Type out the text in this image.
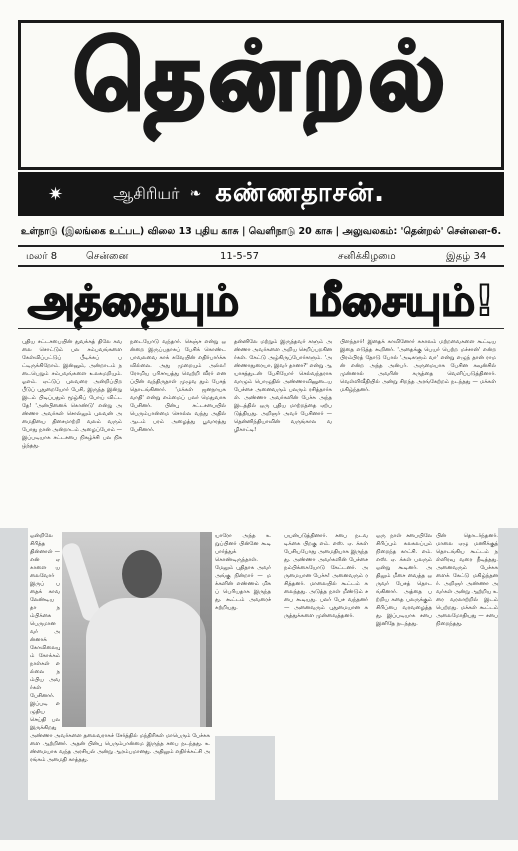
தென்றல்
✷	ஆசிரியர் ❧ கண்ணதாசன்.
உள்நாடு (இலங்கை உட்பட) விலை 13 புதிய காசு | வெளிநாடு 20 காசு | அலுவலகம்: 'தென்றல்' சென்னை-6.
மலர் 8	சென்னை	11-5-57	சனிக்கிழமை	இதழ் 34
அத்தையும் மீசையும்!

புதிய சட்டசபையின் துவக்கத் திலே கவலை சொட்டும் பல சம்பவங்களை கேள்விப்பட்டுப் பீடிக்கப் பட்டிருக்கிறோம். இன்னும், அன்றாடம் நடைபெறும் சம்பவங்களை உலகமறியும். ஓஎம். ஏட்டுப் புலவரை அன்றிப்பிறபீடுப் புதுறையோர் பேசி, இருந்த இன்று இடம் பிடிப்பதும் மூழ்கிப் போய் விட்டதே! 'அன்பினைக் கொண்டு' என்று அண்ணா அவர்கள் சொல்லும் புலவன் அமைதியை திசைமாற்றி வலம் வரும் போது நான் அன்றாடம் அழைப்போம் — இப்படியாக சட்டசபை நிகழ்ச்சி பல நிகழ்ந்தது.

நடையோடு வந்தார். கெஞ்ச என்று ஒன்றை இருப்பதாகப் பேசிக் கொண்ட பாவலவை காக் கவேயின் எதிர்பார்க்கவில்லை. அது முறையும் அல்ல! ரோமிய பரிசாயத்து வெற்றி வீரர் எனப்பின் வந்திருதாள் முழுவ தும் பேசத் தொடங்கினார். 'மக்கள் ஜனநாயக வாதி' என்று எம்மைப் பலர் மெதுவாக பேசினர். பின்பு சட்டசபையில் பெரும்பான்மை சொல்ல வந்து அதில் ஆடம் பரம் அழைத்து பூவாரத்து பேசினார்.

தன்னிலே மற்றும் இருந்தவர் களும் அண்ணா அவர்களை அறிய செறிப்பறகினர்கள். கேட்டு அழ்கிருப்போர்களும். 'அண்ணாதுரையா, இவர் தானா?' என்று ஆயாசத்துடன் பேசியோர் செல்வந்தராக வாழும் பொழுதில் அண்ணாவினுடைய பேச்சை அனைவரும் பலரும் ரசித்தார்கள். அண்ணா அவர்களின் பேச்சு அந்த இடத்தில் ஒரு புதிய மாற்றத்தை ஏற்படுத்தியது. அறிஞர் அவர் பேசினார் — தென்னிந்தியாவின் வருங்கால வழிகாட்டி!

பிளந்தார்! இதைக் காவினோர் சுகாலம் மற்றவைகளை கூட்டிய இதை எடுத்த கூறினர். 'அதைக்கு பெயர் பெற்ற மச்சான்' என்ற பிரம்பிரத் தோடு போல் 'அடிகளும் வா' என்று எழுந் தான் ராமன் என்ற அந்த அன்பர். அருமையாக பேசின கவுன்சில் முன்னால் அவரின் கருத்தை வெளிப்படுத்தினார். வெள்ளிவீதியில் அன்று சிறந்த அரங்கேற்றம் நடந்தது — மக்கள் மகிழ்ந்தனர்.

ஒன்றிலே சிரித்த தின்னாள் — என் ஏகாளை யலைவோர் இருப் பதைக் காவ லேண்டியதா நம்பிக்கை பெருமானவர் அன்னாக் கோவிலையும் கோக்கம் நாள்கள் எல்லை நம்பிய அவர்கள் பேசினார். இப்படி எழுதிய செய்தி பல இருக்கிறது

யாரோ அந்த உறுப்பினர் பின்னே கூடி பார்த்துக் கொண்டிருந்தாள். மேலும் புதிதாக அவர் அங்கு நின்றார் — மக்களின் எண்ணம் மிகப் பெரியதாக இருந்தது. கூட்டம் அவரைச் சுற்றியது.

பயன்படுத்தினார். சபை நடவடிக்கை பிறகு எம். எஸ். ஏ. க்கள் பேசியபோது அமைதியாக இருந்தது. அண்ணா அவர்களின் பேச்சை நம்பிக்கையோடு கேட்டனர். அருமையான பேச்சு! அனைவரும் ரசித்தனர். மாலையில் கூட்டம் கலைந்தது. அடுத்த நாள் மீண்டும் சபை கூடியது. பலர் பேச வந்தனர் — அனைவரும் புதுமையான கருத்துக்களை முன்வைத்தனர்.

ஒரு நாள் சபையிலே சிரிப்பும் கலகலப்பும் நிறைந்த காட்சி. எம். எஸ். ஏ. க்கள் பலரும் ஒன்று கூடினர். அதிலும் மீசை வைத்த ஒருவர் பேசத் தொடங்கினார். அத்தை பற்றிய கதை பலருக்கும் சிரிப்பை வரவழைத்தது. இப்படியாக சபை இனிதே நடந்தது.

பின் தொடர்ந்தனர். மாலை ஏழு மணிக்குத் தொடங்கிய கூட்டம் நள்ளிரவு வரை நீடித்தது. அனைவரும் பேச்சுகளைக் கேட்டு மகிழ்ந்தனர். அறிஞர் அண்ணா அவர்கள் அன்று ஆற்றிய உரை வரலாற்றில் இடம் பெற்றது. மக்கள் கூட்டம் அலைமோதியது — சபை நிறைந்தது.

அண்ணா அவர்களை தலைவராகச் சேர்த்தில் மந்திரிகள் மாபெரும் பேச்சுகளை ஆற்றினர். அதன் பின்பு பெரும்பான்மை இருந்த சபை நடந்தது. உண்மையாக வந்த அரசியல் அன்று ஆரம்பமானது. அதிலும் எதிர்க்கட்சி அரங்கம் அமைதி காத்தது.
